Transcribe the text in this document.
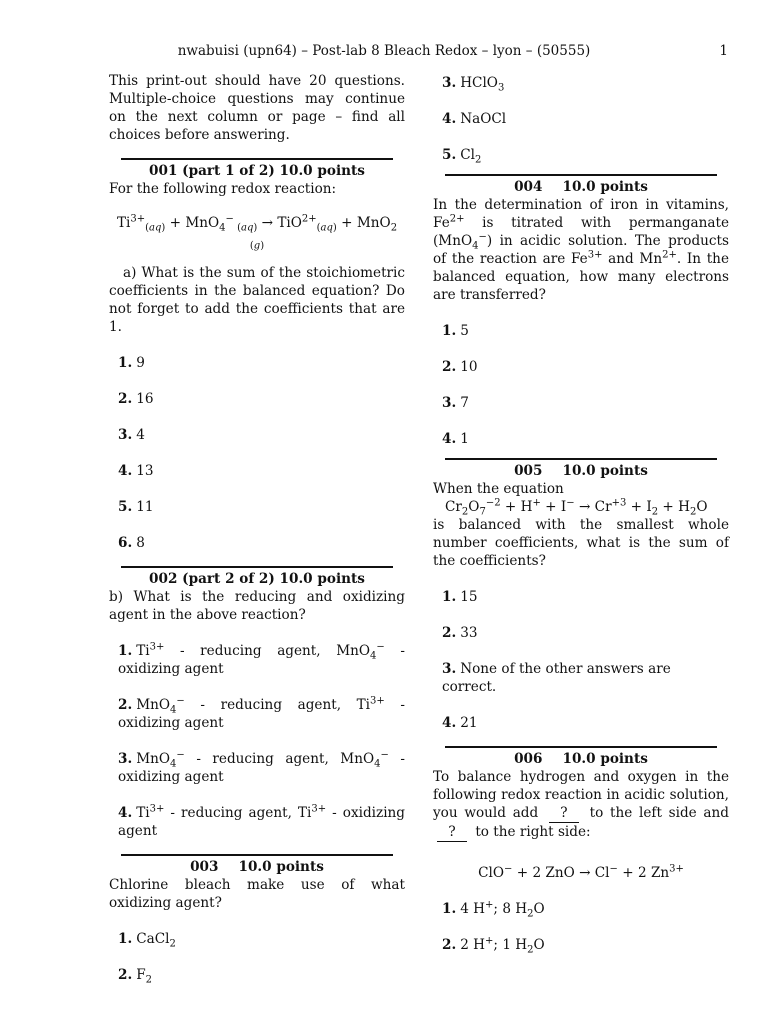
nwabuisi (upn64) – Post-lab 8 Bleach Redox – lyon – (50555)	1

This print-out should have 20 questions. Multiple-choice questions may continue on the next column or page – find all choices before answering.

001 (part 1 of 2) 10.0 points

For the following redox reaction:

$Ti^{3+}_{(aq)} + MnO_4^-$ $_{(aq)}$ → TiO$^{2+}_{(aq)}$ + MnO$_{2 (g)}$

a) What is the sum of the stoichiometric coefficients in the balanced equation? Do not forget to add the coefficients that are 1.

1. 9
2. 16
3. 4
4. 13
5. 11
6. 8
002 (part 2 of 2) 10.0 points

b) What is the reducing and oxidizing agent in the above reaction?

1. $Ti^{3+}$ - reducing agent, MnO$_4$− - oxidizing agent
2. MnO$_4$− - reducing agent, $Ti^{3+}$ - oxidizing agent
3. MnO$_4$− - reducing agent, MnO$_4$− - oxidizing agent
4. $Ti^{3+}$ - reducing agent, $Ti^{3+}$ - oxidizing agent
003 10.0 points

Chlorine bleach make use of what oxidizing agent?

1. CaCl$_2$
2. $F_2$
3. HClO$_3$
4. NaOCl
5. $Cl_2$
004 10.0 points

In the determination of iron in vitamins, $Fe^{2+}$ is titrated with permanganate (MnO$_4$−) in acidic solution. The products of the reaction are $Fe^{3+}$ and $Mn^{2+}$. In the balanced equation, how many electrons are transferred?

1. 5
2. 10
3. 7
4. 1
005 10.0 points

When the equation
$Cr_2O_7^{-2} + H^+ + I^- \to Cr^{+3} + I_2 + H_2O$
is balanced with the smallest whole number coefficients, what is the sum of the coefficients?

1. 15
2. 33
3. None of the other answers are correct.
4. 21
006 10.0 points

To balance hydrogen and oxygen in the following redox reaction in acidic solution, you would add ? to the left side and ? to the right side:

ClO− + 2 ZnO → Cl− + 2 $Zn^{3+}$
1. 4 H+; 8 $H_2O$
2. 2 H+; 1 $H_2O$
